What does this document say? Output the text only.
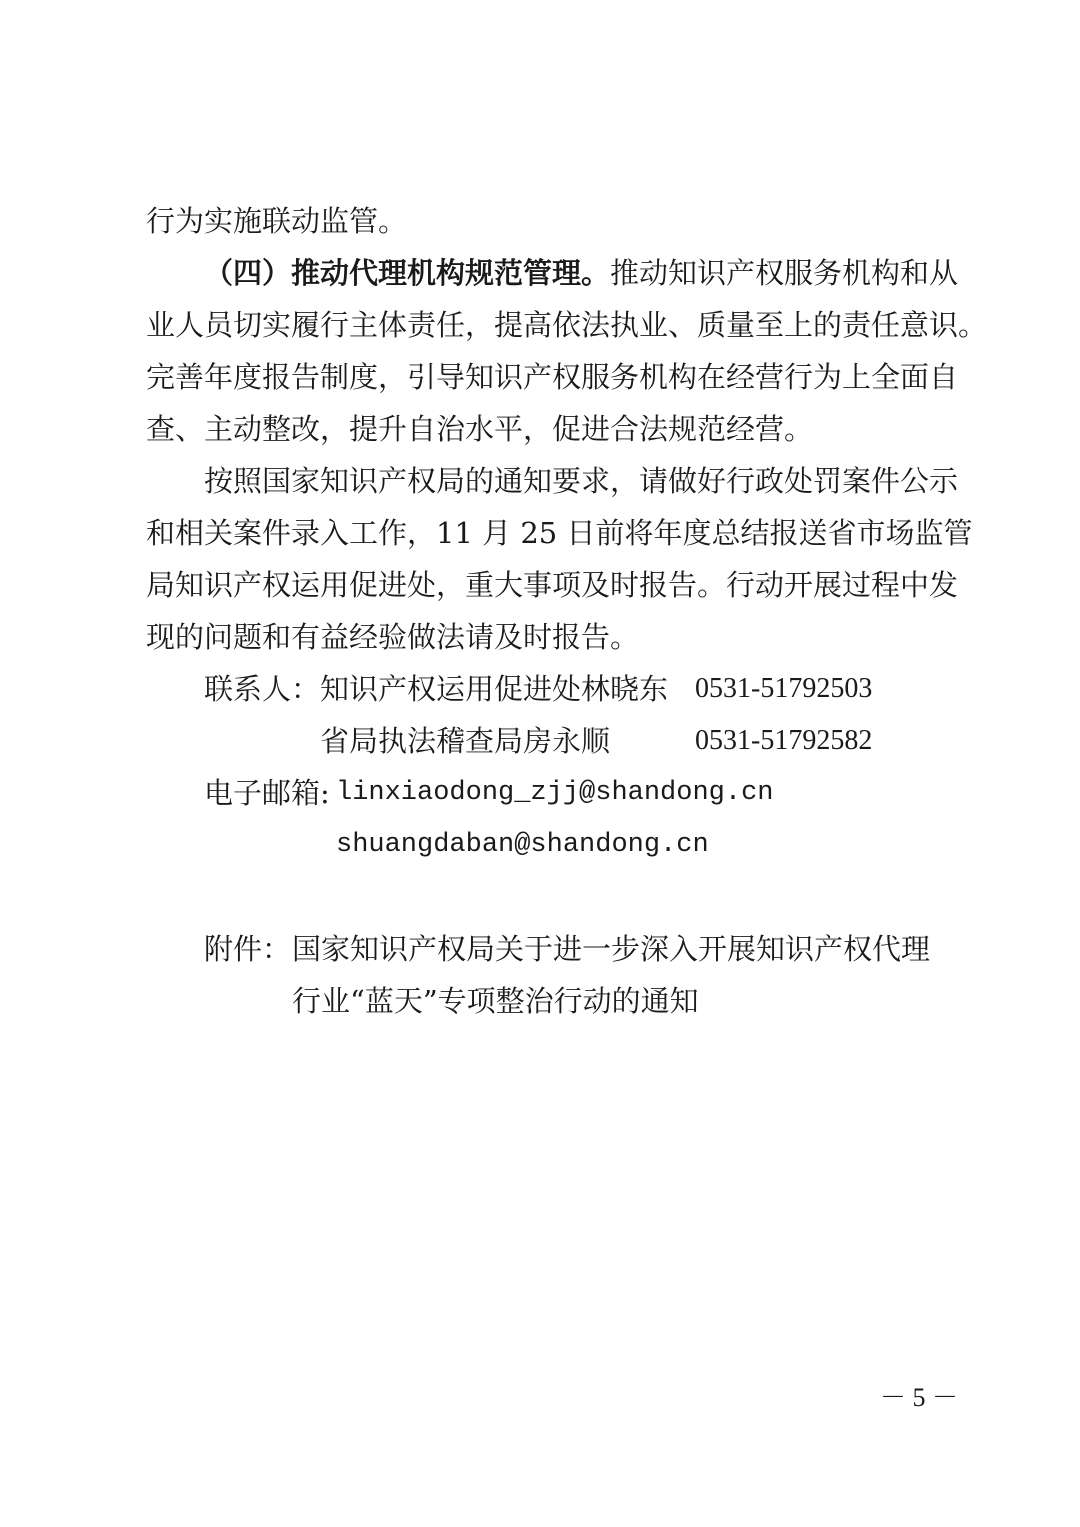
行为实施联动监管。
（四）推动代理机构规范管理。推动知识产权服务机构和从
业人员切实履行主体责任，提高依法执业、质量至上的责任意识。
完善年度报告制度，引导知识产权服务机构在经营行为上全面自
查、主动整改，提升自治水平，促进合法规范经营。
按照国家知识产权局的通知要求，请做好行政处罚案件公示
和相关案件录入工作，11 月 25 日前将年度总结报送省市场监管
局知识产权运用促进处，重大事项及时报告。行动开展过程中发
现的问题和有益经验做法请及时报告。
联系人： 知识产权运用促进处林晓东 0531-51792503
省局执法稽查局房永顺	0531-51792582
电子邮箱: linxiaodong_zjj@shandong.cn
shuangdaban@shandong.cn
附件： 国家知识产权局关于进一步深入开展知识产权代理
行业“蓝天”专项整治行动的通知
－ 5 －
